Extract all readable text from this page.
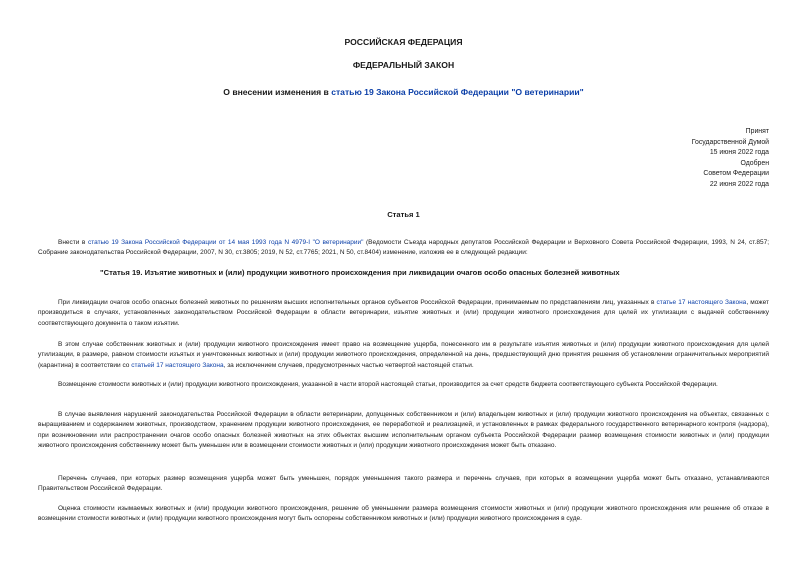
РОССИЙСКАЯ ФЕДЕРАЦИЯ
ФЕДЕРАЛЬНЫЙ ЗАКОН
О внесении изменения в статью 19 Закона Российской Федерации "О ветеринарии"
Принят
Государственной Думой
15 июня 2022 года
Одобрен
Советом Федерации
22 июня 2022 года
Статья 1
Внести в статью 19 Закона Российской Федерации от 14 мая 1993 года N 4979-I "О ветеринарии" (Ведомости Съезда народных депутатов Российской Федерации и Верховного Совета Российской Федерации, 1993, N 24, ст.857; Собрание законодательства Российской Федерации, 2007, N 30, ст.3805; 2019, N 52, ст.7765; 2021, N 50, ст.8404) изменение, изложив ее в следующей редакции:
"Статья 19. Изъятие животных и (или) продукции животного происхождения при ликвидации очагов особо опасных болезней животных
При ликвидации очагов особо опасных болезней животных по решениям высших исполнительных органов субъектов Российской Федерации, принимаемым по представлениям лиц, указанных в статье 17 настоящего Закона, может производиться в случаях, установленных законодательством Российской Федерации в области ветеринарии, изъятие животных и (или) продукции животного происхождения для целей их утилизации с выдачей собственнику соответствующего документа о таком изъятии.
В этом случае собственник животных и (или) продукции животного происхождения имеет право на возмещение ущерба, понесенного им в результате изъятия животных и (или) продукции животного происхождения для целей утилизации, в размере, равном стоимости изъятых и уничтоженных животных и (или) продукции животного происхождения, определенной на день, предшествующий дню принятия решения об установлении ограничительных мероприятий (карантина) в соответствии со статьей 17 настоящего Закона, за исключением случаев, предусмотренных частью четвертой настоящей статьи.
Возмещение стоимости животных и (или) продукции животного происхождения, указанной в части второй настоящей статьи, производится за счет средств бюджета соответствующего субъекта Российской Федерации.
В случае выявления нарушений законодательства Российской Федерации в области ветеринарии, допущенных собственником и (или) владельцем животных и (или) продукции животного происхождения на объектах, связанных с выращиванием и содержанием животных, производством, хранением продукции животного происхождения, ее переработкой и реализацией, и установленных в рамках федерального государственного ветеринарного контроля (надзора), при возникновении или распространении очагов особо опасных болезней животных на этих объектах высшим исполнительным органом субъекта Российской Федерации размер возмещения стоимости животных и (или) продукции животного происхождения собственнику может быть уменьшен или в возмещении стоимости животных и (или) продукции животного происхождения может быть отказано.
Перечень случаев, при которых размер возмещения ущерба может быть уменьшен, порядок уменьшения такого размера и перечень случаев, при которых в возмещении ущерба может быть отказано, устанавливаются Правительством Российской Федерации.
Оценка стоимости изымаемых животных и (или) продукции животного происхождения, решение об уменьшении размера возмещения стоимости животных и (или) продукции животного происхождения или решение об отказе в возмещении стоимости животных и (или) продукции животного происхождения могут быть оспорены собственником животных и (или) продукции животного происхождения в суде.
